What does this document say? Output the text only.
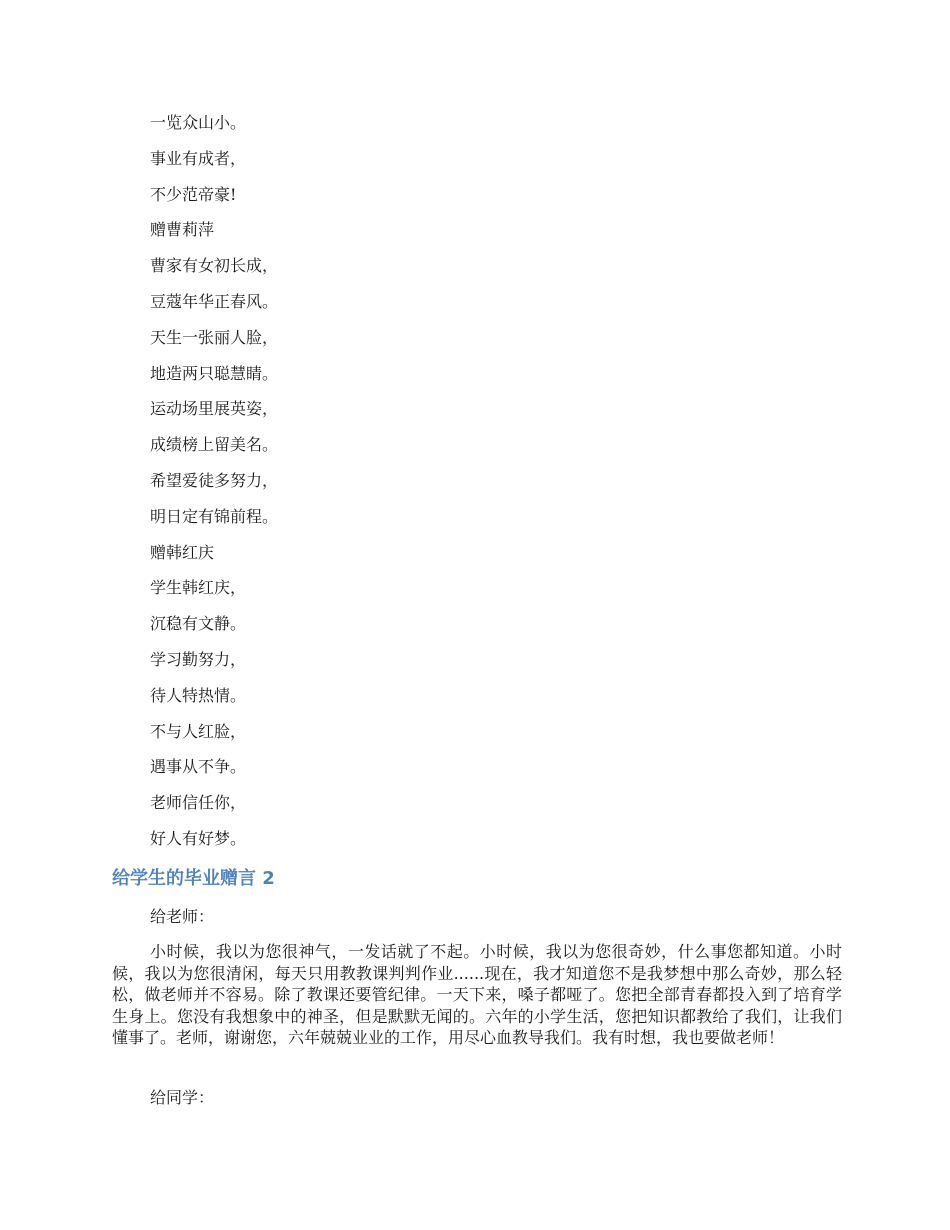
一览众山小。
事业有成者，
不少范帝豪!
赠曹莉萍
曹家有女初长成，
豆蔻年华正春风。
天生一张丽人脸，
地造两只聪慧睛。
运动场里展英姿，
成绩榜上留美名。
希望爱徒多努力，
明日定有锦前程。
赠韩红庆
学生韩红庆，
沉稳有文静。
学习勤努力，
待人特热情。
不与人红脸，
遇事从不争。
老师信任你，
好人有好梦。
给学生的毕业赠言 2

给老师：

小时候，我以为您很神气，一发话就了不起。小时候，我以为您很奇妙，什么事您都知道。小时候，我以为您很清闲，每天只用教教课判判作业......现在，我才知道您不是我梦想中那么奇妙，那么轻松，做老师并不容易。除了教课还要管纪律。一天下来，嗓子都哑了。您把全部青春都投入到了培育学生身上。您没有我想象中的神圣，但是默默无闻的。六年的小学生活，您把知识都教给了我们，让我们懂事了。老师，谢谢您，六年兢兢业业的工作，用尽心血教导我们。我有时想，我也要做老师！

给同学：
